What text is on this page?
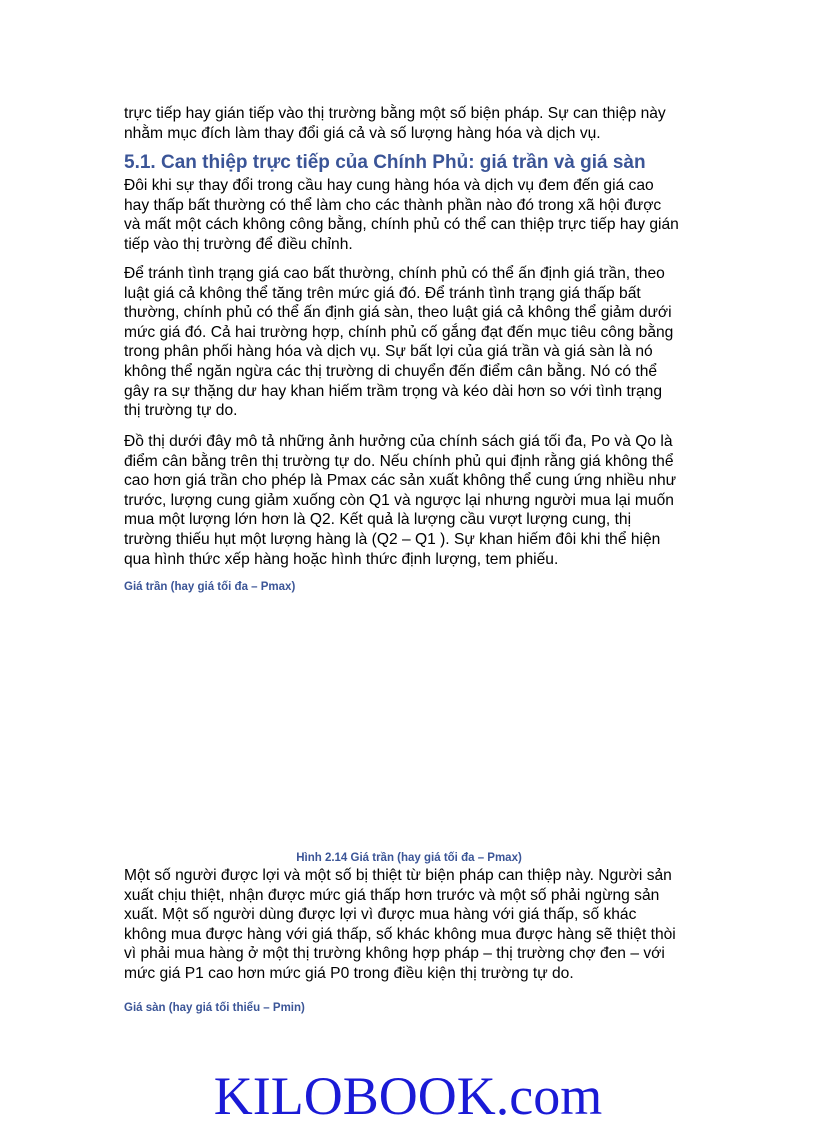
trực tiếp hay gián tiếp vào thị trường bằng một số biện pháp. Sự can thiệp này

nhằm mục đích làm thay đổi giá cả và số lượng hàng hóa và dịch vụ.

5.1. Can thiệp trực tiếp của Chính Phủ: giá trần và giá sàn

Đôi khi sự thay đổi trong cầu hay cung hàng hóa và dịch vụ đem đến giá cao

hay thấp bất thường có thể làm cho các thành phần nào đó trong xã hội được

và mất một cách không công bằng, chính phủ có thể can thiệp trực tiếp hay gián

tiếp vào thị trường để điều chỉnh.

Để tránh tình trạng giá cao bất thường, chính phủ có thể ấn định giá trần, theo

luật giá cả không thể tăng trên mức giá đó. Để tránh tình trạng giá thấp bất

thường, chính phủ có thể ấn định giá sàn, theo luật giá cả không thể giảm dưới

mức giá đó. Cả hai trường hợp, chính phủ cố gắng đạt đến mục tiêu công bằng

trong phân phối hàng hóa và dịch vụ. Sự bất lợi của giá trần và giá sàn là nó

không thể ngăn ngừa các thị trường di chuyển đến điểm cân bằng. Nó có thể

gây ra sự thặng dư hay khan hiếm trầm trọng và kéo dài hơn so với tình trạng

thị trường tự do.

Đồ thị dưới đây mô tả những ảnh hưởng của chính sách giá tối đa, Po và Qo là

điểm cân bằng trên thị trường tự do. Nếu chính phủ qui định rằng giá không thể

cao hơn giá trần cho phép là Pmax các sản xuất không thể cung ứng nhiều như

trước, lượng cung giảm xuống còn Q1 và ngược lại nhưng người mua lại muốn

mua một lượng lớn hơn là Q2. Kết quả là lượng cầu vượt lượng cung, thị

trường thiếu hụt một lượng hàng là (Q2 – Q1 ). Sự khan hiếm đôi khi thể hiện

qua hình thức xếp hàng hoặc hình thức định lượng, tem phiếu.

Giá trần (hay giá tối đa – Pmax)
Hình 2.14 Giá trần (hay giá tối đa – Pmax)

Một số người được lợi và một số bị thiệt từ biện pháp can thiệp này. Người sản

xuất chịu thiệt, nhận được mức giá thấp hơn trước và một số phải ngừng sản

xuất. Một số người dùng được lợi vì được mua hàng với giá thấp, số khác

không mua được hàng với giá thấp, số khác không mua được hàng sẽ thiệt thòi

vì phải mua hàng ở một thị trường không hợp pháp – thị trường chợ đen – với

mức giá P1 cao hơn mức giá P0 trong điều kiện thị trường tự do.

Giá sàn (hay giá tối thiểu – Pmin)
KILOBOOK.com
